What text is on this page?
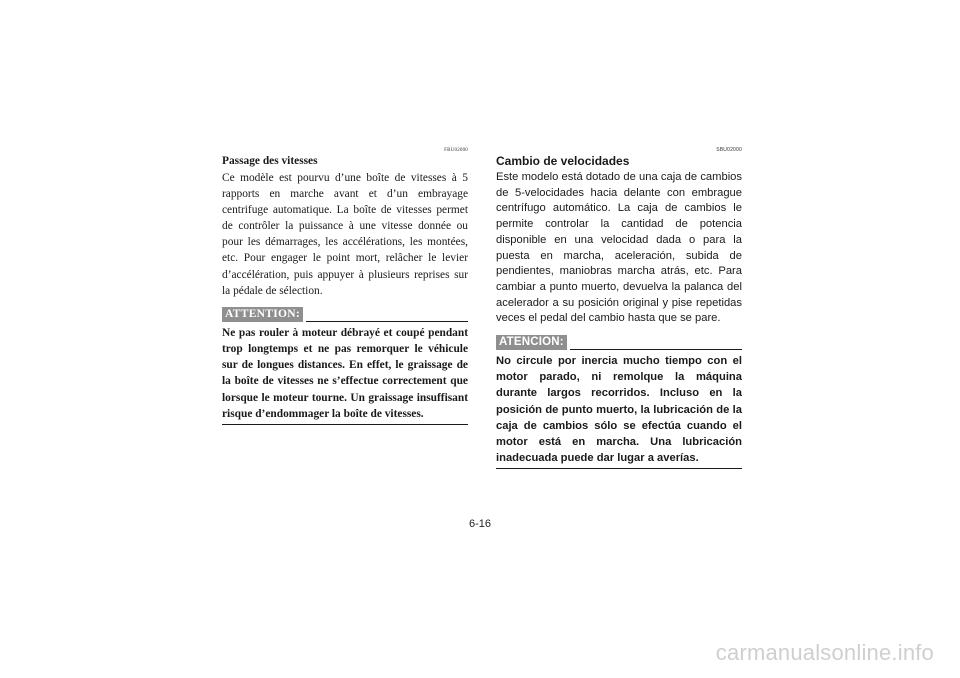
FBU02000
Passage des vitesses

Ce modèle est pourvu d’une boîte de vitesses à 5 rapports en marche avant et d’un embrayage centrifuge automatique. La boîte de vitesses permet de contrôler la puissance à une vitesse donnée ou pour les démarrages, les accélérations, les montées, etc. Pour engager le point mort, relâcher le levier d’accélération, puis appuyer à plusieurs reprises sur la pédale de sélection.

ATTENTION:

Ne pas rouler à moteur débrayé et coupé pendant trop longtemps et ne pas remorquer le véhicule sur de longues distances. En effet, le graissage de la boîte de vitesses ne s’effectue correctement que lorsque le moteur tourne. Un graissage insuffisant risque d’endommager la boîte de vitesses.

SBU02000
Cambio de velocidades

Este modelo está dotado de una caja de cambios de 5-velocidades hacia delante con embrague centrífugo automático. La caja de cambios le permite controlar la cantidad de potencia disponible en una velocidad dada o para la puesta en marcha, aceleración, subida de pendientes, maniobras marcha atrás, etc. Para cambiar a punto muerto, devuelva la palanca del acelerador a su posición original y pise repetidas veces el pedal del cambio hasta que se pare.

ATENCION:

No circule por inercia mucho tiempo con el motor parado, ni remolque la máquina durante largos recorridos. Incluso en la posición de punto muerto, la lubricación de la caja de cambios sólo se efectúa cuando el motor está en marcha. Una lubricación inadecuada puede dar lugar a averías.

6-16
carmanualsonline.info
